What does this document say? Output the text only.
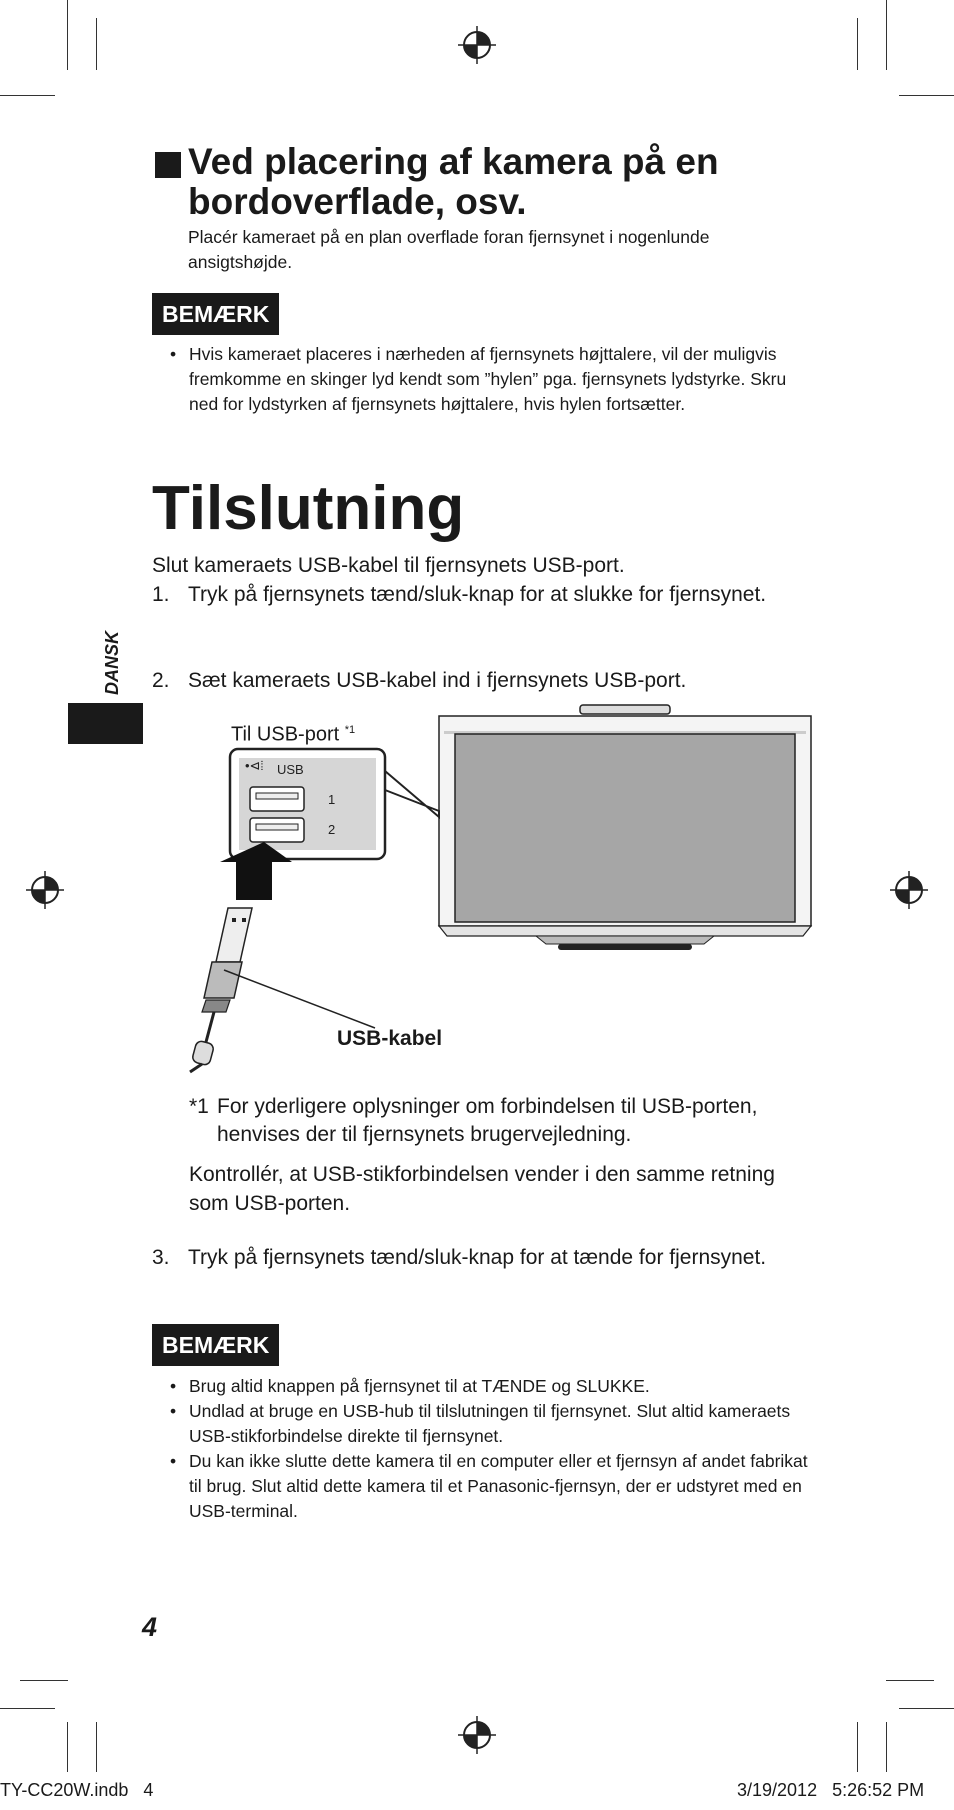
Ved placering af kamera på en bordoverflade, osv.

Placér kameraet på en plan overflade foran fjernsynet i nogenlunde ansigtshøjde.

BEMÆRK
• Hvis kameraet placeres i nærheden af fjernsynets højttalere, vil der muligvis fremkomme en skinger lyd kendt som ”hylen” pga. fjernsynets lydstyrke. Skru ned for lydstyrken af fjernsynets højttalere, hvis hylen fortsætter.
Tilslutning

Slut kameraets USB-kabel til fjernsynets USB-port.

1. Tryk på fjernsynets tænd/sluk-knap for at slukke for fjernsynet.
2. Sæt kameraets USB-kabel ind i fjernsynets USB-port.
DANSK
•⊲⦙ USB
1
2
Til USB-port $^{*1}$
USB-kabel
*1 For yderligere oplysninger om forbindelsen til USB-porten, henvises der til fjernsynets brugervejledning.

Kontrollér, at USB-stikforbindelsen vender i den samme retning som USB-porten.

3. Tryk på fjernsynets tænd/sluk-knap for at tænde for fjernsynet.
BEMÆRK
• Brug altid knappen på fjernsynet til at TÆNDE og SLUKKE.
• Undlad at bruge en USB-hub til tilslutningen til fjernsynet. Slut altid kameraets USB-stikforbindelse direkte til fjernsynet.
• Du kan ikke slutte dette kamera til en computer eller et fjernsyn af andet fabrikat til brug. Slut altid dette kamera til et Panasonic-fjernsyn, der er udstyret med en USB-terminal.
4
TY-CC20W.indb   4	3/19/2012   5:26:52 PM
